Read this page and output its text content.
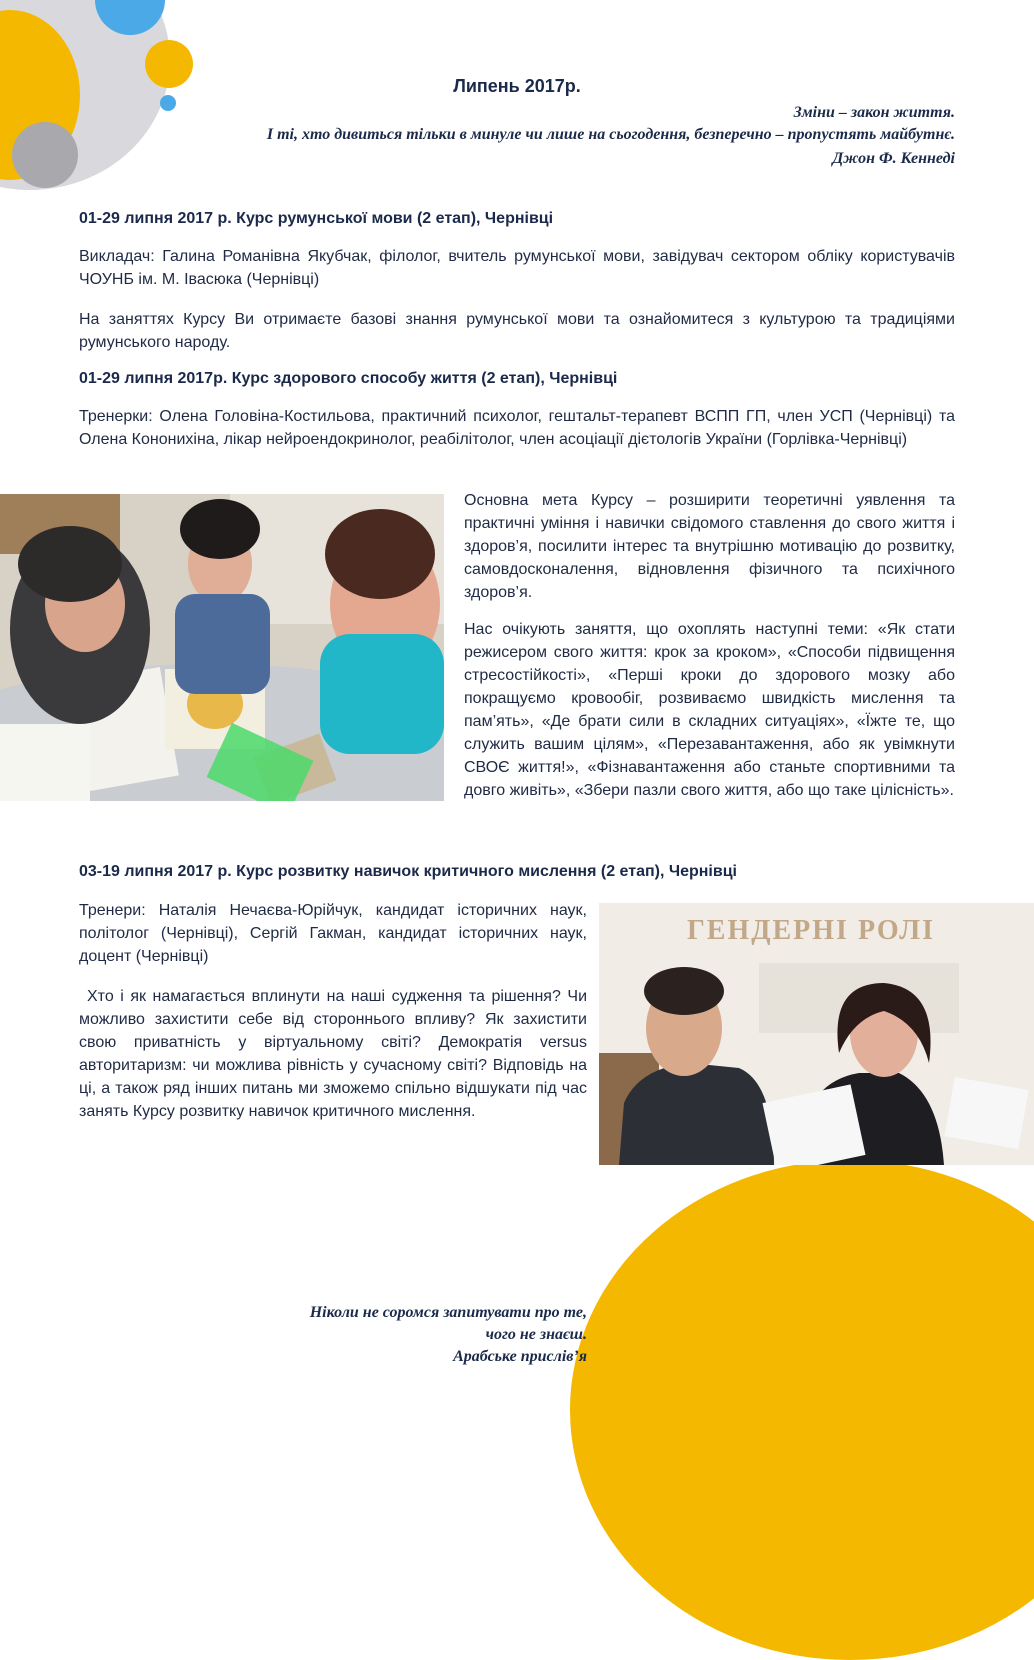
Липень 2017р.
Зміни – закон життя.
І ті, хто дивиться тільки в минуле чи лише на сьогодення, безперечно – пропустять майбутнє.
Джон Ф. Кеннеді
01-29 липня 2017 р. Курс румунської мови (2 етап), Чернівці

Викладач: Галина Романівна Якубчак, філолог, вчитель румунської мови, завідувач сектором обліку користувачів ЧОУНБ ім. М. Івасюка (Чернівці)

На заняттях Курсу Ви отримаєте базові знання румунської мови та ознайомитеся з культурою та традиціями румунського народу.

01-29 липня 2017р. Курс здорового способу життя (2 етап), Чернівці

Тренерки: Олена Головіна-Костильова, практичний психолог, гештальт-терапевт ВСПП ГП, член УСП (Чернівці) та Олена Кононихіна, лікар нейроендокринолог, реабілітолог, член асоціації дієтологів України (Горлівка-Чернівці)

Основна мета Курсу – розширити теоретичні уявлення та практичні уміння і навички свідомого ставлення до свого життя і здоров’я, посилити інтерес та внутрішню мотивацію до розвитку, самовдосконалення, відновлення фізичного та психічного здоров’я.

Нас очікують заняття, що охоплять наступні теми: «Як стати режисером свого життя: крок за кроком», «Способи підвищення стресостійкості», «Перші кроки до здорового мозку або покращуємо кровообіг, розвиваємо швидкість мислення та пам’ять», «Де брати сили в складних ситуаціях», «Їжте те, що служить вашим цілям», «Перезавантаження, або як увімкнути СВОЄ життя!», «Фізнавантаження або станьте спортивними та довго живіть», «Збери пазли свого життя, або що таке цілісність».

03-19 липня 2017 р. Курс розвитку навичок критичного мислення (2 етап), Чернівці

Тренери: Наталія Нечаєва-Юрійчук, кандидат історичних наук, політолог (Чернівці), Сергій Гакман, кандидат історичних наук, доцент (Чернівці)

Хто і як намагається вплинути на наші судження та рішення? Чи можливо захистити себе від стороннього впливу? Як захистити свою приватність у віртуальному світі? Демократія versus авторитаризм: чи можлива рівність у сучасному світі? Відповідь на ці, а також ряд інших питань ми зможемо спільно відшукати під час занять Курсу розвитку навичок критичного мислення.

ГЕНДЕРНІ РОЛІ
Ніколи не соромся запитувати про те,
чого не знаєш.
Арабське прислів’я
